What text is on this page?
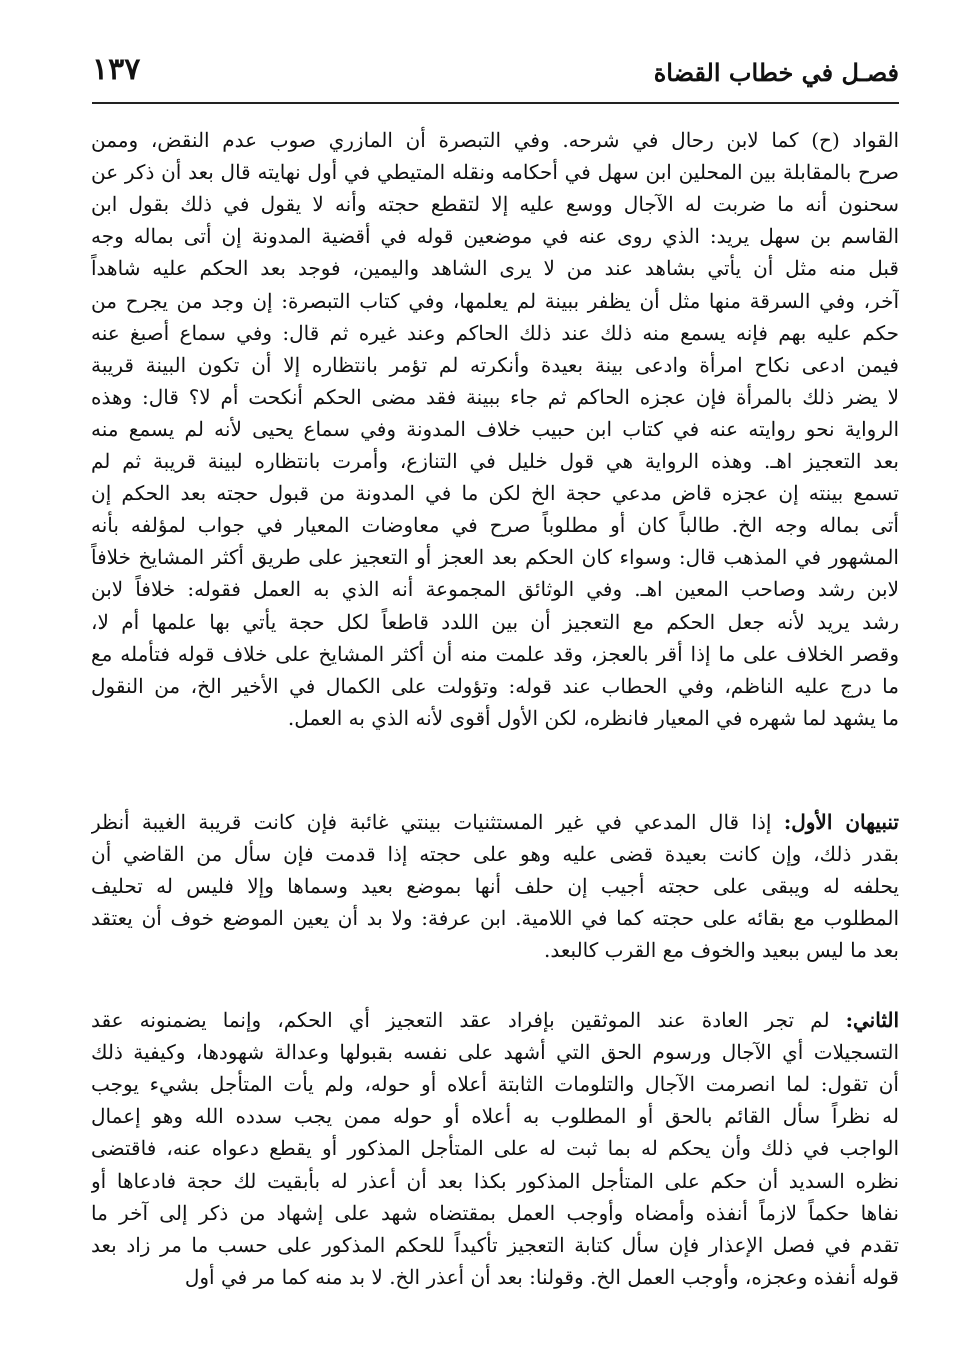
فصـل في خطاب القضاة
١٣٧
القواد (ح) كما لابن رحال في شرحه. وفي التبصرة أن المازري صوب عدم النقض، وممن
صرح بالمقابلة بين المحلين ابن سهل في أحكامه ونقله المتيطي في أول نهايته قال بعد أن ذكر عن
سحنون أنه ما ضربت له الآجال ووسع عليه إلا لتقطع حجته وأنه لا يقول في ذلك بقول ابن
القاسم بن سهل يريد: الذي روى عنه في موضعين قوله في أقضية المدونة إن أتى بماله وجه
قبل منه مثل أن يأتي بشاهد عند من لا يرى الشاهد واليمين، فوجد بعد الحكم عليه شاهداً
آخر، وفي السرقة منها مثل أن يظفر ببينة لم يعلمها، وفي كتاب التبصرة: إن وجد من يجرح من
حكم عليه بهم فإنه يسمع منه ذلك عند ذلك الحاكم وعند غيره ثم قال: وفي سماع أصبغ عنه
فيمن ادعى نكاح امرأة وادعى بينة بعيدة وأنكرته لم تؤمر بانتظاره إلا أن تكون البينة قريبة
لا يضر ذلك بالمرأة فإن عجزه الحاكم ثم جاء ببينة فقد مضى الحكم أنكحت أم لا؟ قال: وهذه
الرواية نحو روايته عنه في كتاب ابن حبيب خلاف المدونة وفي سماع يحيى لأنه لم يسمع منه
بعد التعجيز اهـ. وهذه الرواية هي قول خليل في التنازع، وأمرت بانتظاره لبينة قريبة ثم لم
تسمع بينته إن عجزه قاض مدعي حجة الخ لكن ما في المدونة من قبول حجته بعد الحكم إن
أتى بماله وجه الخ. طالباً كان أو مطلوباً صرح في معاوضات المعيار في جواب لمؤلفه بأنه
المشهور في المذهب قال: وسواء كان الحكم بعد العجز أو التعجيز على طريق أكثر المشايخ خلافاً
لابن رشد وصاحب المعين اهـ. وفي الوثائق المجموعة أنه الذي به العمل فقوله: خلافاً لابن
رشد يريد لأنه جعل الحكم مع التعجيز أن بين اللدد قاطعاً لكل حجة يأتي بها علمها أم لا،
وقصر الخلاف على ما إذا أقر بالعجز، وقد علمت منه أن أكثر المشايخ على خلاف قوله فتأمله مع
ما درج عليه الناظم، وفي الحطاب عند قوله: وتؤولت على الكمال في الأخير الخ، من النقول
ما يشهد لما شهره في المعيار فانظره، لكن الأول أقوى لأنه الذي به العمل.
تنبيهان الأول: إذا قال المدعي في غير المستثنيات بينتي غائبة فإن كانت قريبة الغيبة أنظر
بقدر ذلك، وإن كانت بعيدة قضى عليه وهو على حجته إذا قدمت فإن سأل من القاضي أن
يحلفه له ويبقى على حجته أجيب إن حلف أنها بموضع بعيد وسماها وإلا فليس له تحليف
المطلوب مع بقائه على حجته كما في اللامية. ابن عرفة: ولا بد أن يعين الموضع خوف أن يعتقد
بعد ما ليس ببعيد والخوف مع القرب كالبعد.
الثاني: لم تجر العادة عند الموثقين بإفراد عقد التعجيز أي الحكم، وإنما يضمنونه عقد
التسجيلات أي الآجال ورسوم الحق التي أشهد على نفسه بقبولها وعدالة شهودها، وكيفية ذلك
أن تقول: لما انصرمت الآجال والتلومات الثابتة أعلاه أو حوله، ولم يأت المتأجل بشيء يوجب
له نظراً سأل القائم بالحق أو المطلوب به أعلاه أو حوله ممن يجب سدده الله وهو إعمال
الواجب في ذلك وأن يحكم له بما ثبت له على المتأجل المذكور أو يقطع دعواه عنه، فاقتضى
نظره السديد أن حكم على المتأجل المذكور بكذا بعد أن أعذر له بأبقيت لك حجة فادعاها أو
نفاها حكماً لازماً أنفذه وأمضاه وأوجب العمل بمقتضاه شهد على إشهاد من ذكر إلى آخر ما
تقدم في فصل الإعذار فإن سأل كتابة التعجيز تأكيداً للحكم المذكور على حسب ما مر زاد بعد
قوله أنفذه وعجزه، وأوجب العمل الخ. وقولنا: بعد أن أعذر الخ. لا بد منه كما مر في أول
